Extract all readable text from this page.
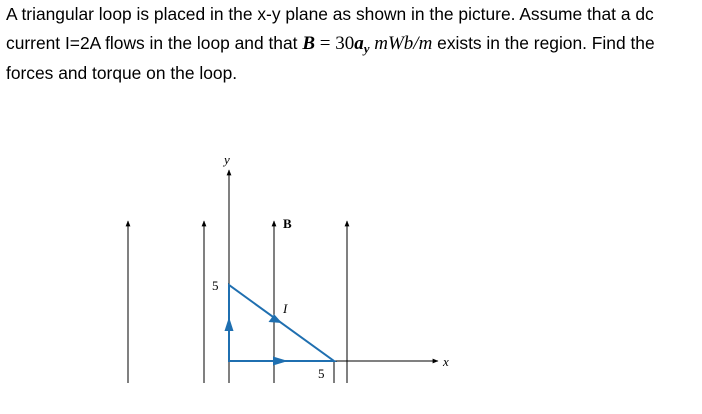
A triangular loop is placed in the x-y plane as shown in the picture. Assume that a dc current I=2A flows in the loop and that $B = 30a_y$ mWb/m exists in the region. Find the forces and torque on the loop.
y
x
B
I
5
5
